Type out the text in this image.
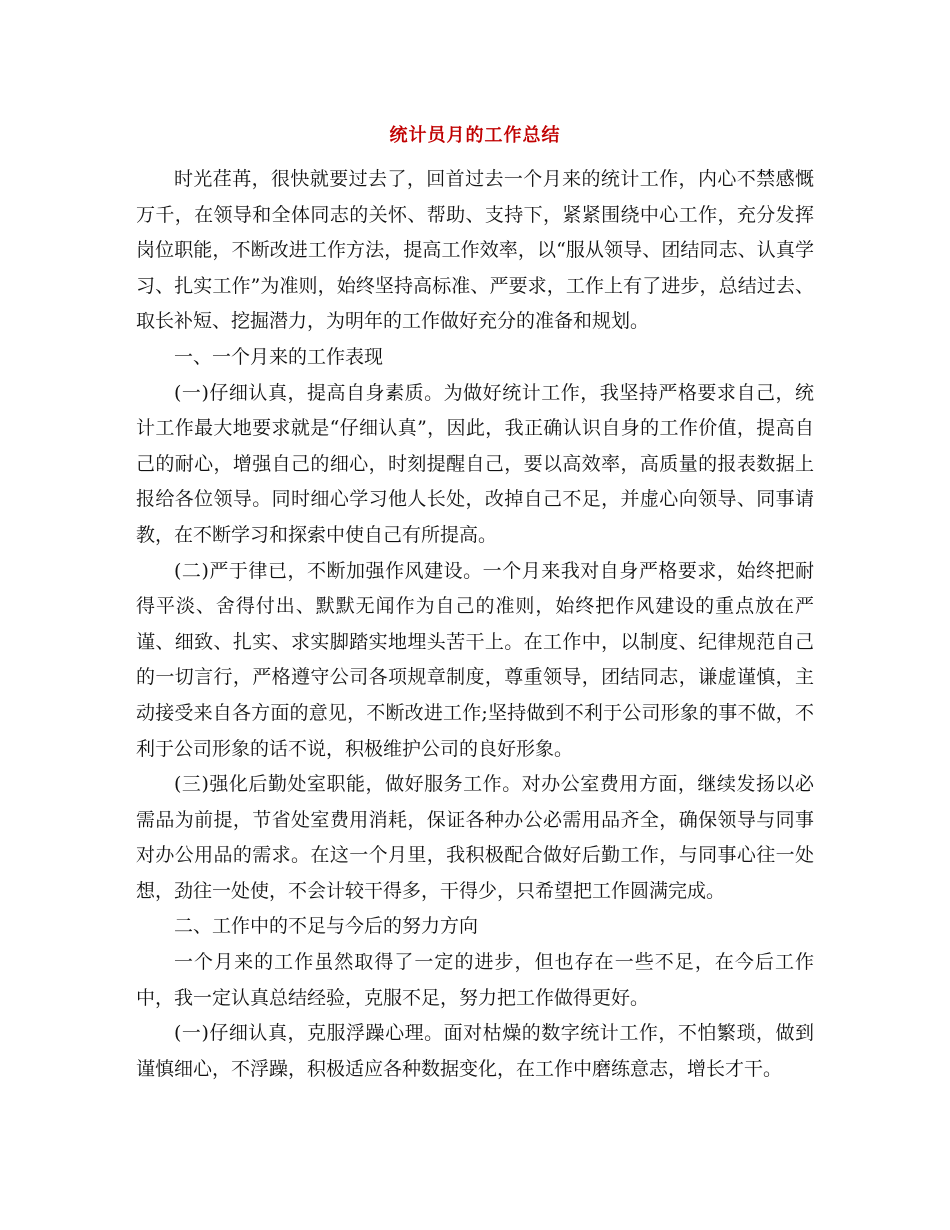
统计员月的工作总结

时光荏苒，很快就要过去了，回首过去一个月来的统计工作，内心不禁感慨万千，在领导和全体同志的关怀、帮助、支持下，紧紧围绕中心工作，充分发挥岗位职能，不断改进工作方法，提高工作效率，以“服从领导、团结同志、认真学习、扎实工作”为准则，始终坚持高标准、严要求，工作上有了进步，总结过去、取长补短、挖掘潜力，为明年的工作做好充分的准备和规划。

一、一个月来的工作表现

(一)仔细认真，提高自身素质。为做好统计工作，我坚持严格要求自己，统计工作最大地要求就是“仔细认真”，因此，我正确认识自身的工作价值，提高自己的耐心，增强自己的细心，时刻提醒自己，要以高效率，高质量的报表数据上报给各位领导。同时细心学习他人长处，改掉自己不足，并虚心向领导、同事请教，在不断学习和探索中使自己有所提高。

(二)严于律已，不断加强作风建设。一个月来我对自身严格要求，始终把耐得平淡、舍得付出、默默无闻作为自己的准则，始终把作风建设的重点放在严谨、细致、扎实、求实脚踏实地埋头苦干上。在工作中，以制度、纪律规范自己的一切言行，严格遵守公司各项规章制度，尊重领导，团结同志，谦虚谨慎，主动接受来自各方面的意见，不断改进工作;坚持做到不利于公司形象的事不做，不利于公司形象的话不说，积极维护公司的良好形象。

(三)强化后勤处室职能，做好服务工作。对办公室费用方面，继续发扬以必需品为前提，节省处室费用消耗，保证各种办公必需用品齐全，确保领导与同事对办公用品的需求。在这一个月里，我积极配合做好后勤工作，与同事心往一处想，劲往一处使，不会计较干得多，干得少，只希望把工作圆满完成。

二、工作中的不足与今后的努力方向

一个月来的工作虽然取得了一定的进步，但也存在一些不足，在今后工作中，我一定认真总结经验，克服不足，努力把工作做得更好。

(一)仔细认真，克服浮躁心理。面对枯燥的数字统计工作，不怕繁琐，做到谨慎细心，不浮躁，积极适应各种数据变化，在工作中磨练意志，增长才干。
